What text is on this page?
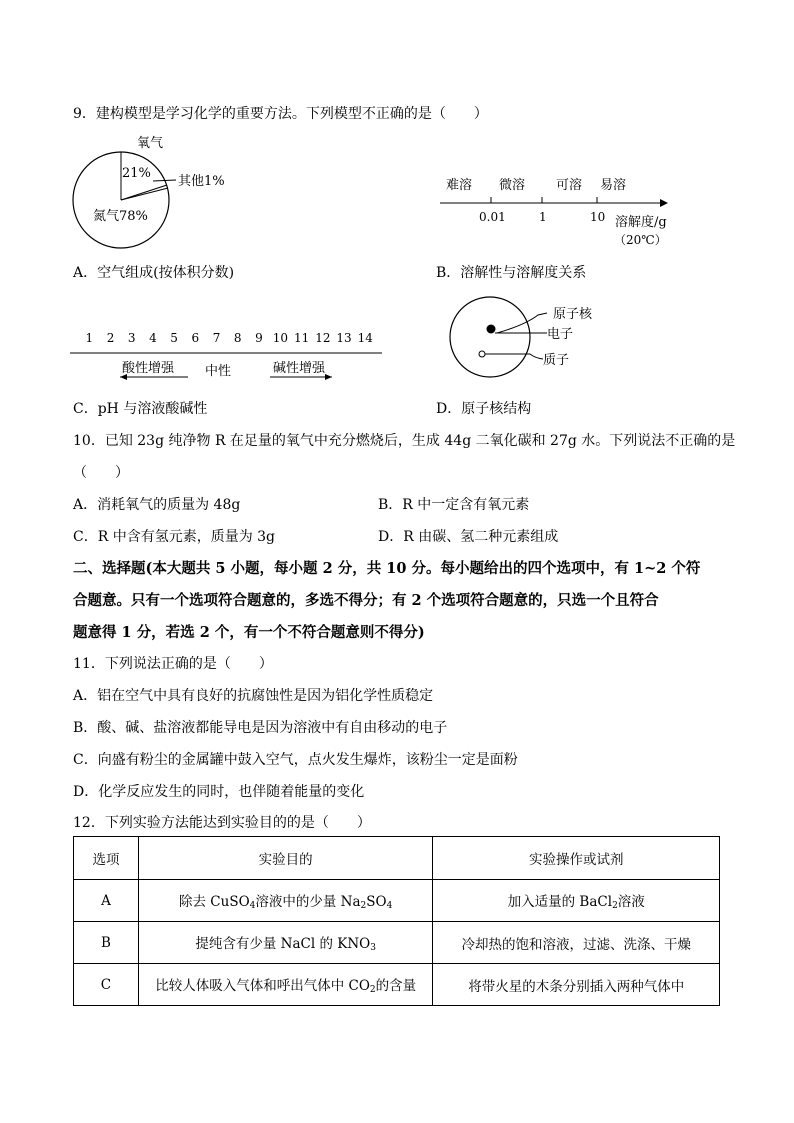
9．建构模型是学习化学的重要方法。下列模型不正确的是（　　）
氧气
21%
其他1%
氮气78%
难溶 微溶 可溶 易溶
0.01	1	10 溶解度/g
（20℃）
A．空气组成(按体积分数)	B．溶解性与溶解度关系
1 2 3 4 5 6 7 8 9 10 11 12 13 14
酸性增强 中性	碱性增强
原子核
电子
质子
C．pH 与溶液酸碱性	D．原子核结构
10．已知 23g 纯净物 R 在足量的氧气中充分燃烧后，生成 44g 二氧化碳和 27g 水。下列说法不正确的是
（　　）
A．消耗氧气的质量为 48g	B．R 中一定含有氧元素
C．R 中含有氢元素，质量为 3g	D．R 由碳、氢二种元素组成
二、选择题(本大题共 5 小题，每小题 2 分，共 10 分。每小题给出的四个选项中，有 1~2 个符
合题意。只有一个选项符合题意的，多选不得分；有 2 个选项符合题意的，只选一个且符合
题意得 1 分，若选 2 个，有一个不符合题意则不得分)
11．下列说法正确的是（　　）
A．铝在空气中具有良好的抗腐蚀性是因为铝化学性质稳定
B．酸、碱、盐溶液都能导电是因为溶液中有自由移动的电子
C．向盛有粉尘的金属罐中鼓入空气，点火发生爆炸，该粉尘一定是面粉
D．化学反应发生的同时，也伴随着能量的变化
12．下列实验方法能达到实验目的的是（　　）
选项	实验目的	实验操作或试剂
A	除去 CuSO$_4$溶液中的少量 $Na_2SO_4$	加入适量的 BaCl$_2$溶液
B	提纯含有少量 NaCl 的 $KNO_3$	冷却热的饱和溶液，过滤、洗涤、干燥
C	比较人体吸入气体和呼出气体中 $CO_2$的含量	将带火星的木条分别插入两种气体中
